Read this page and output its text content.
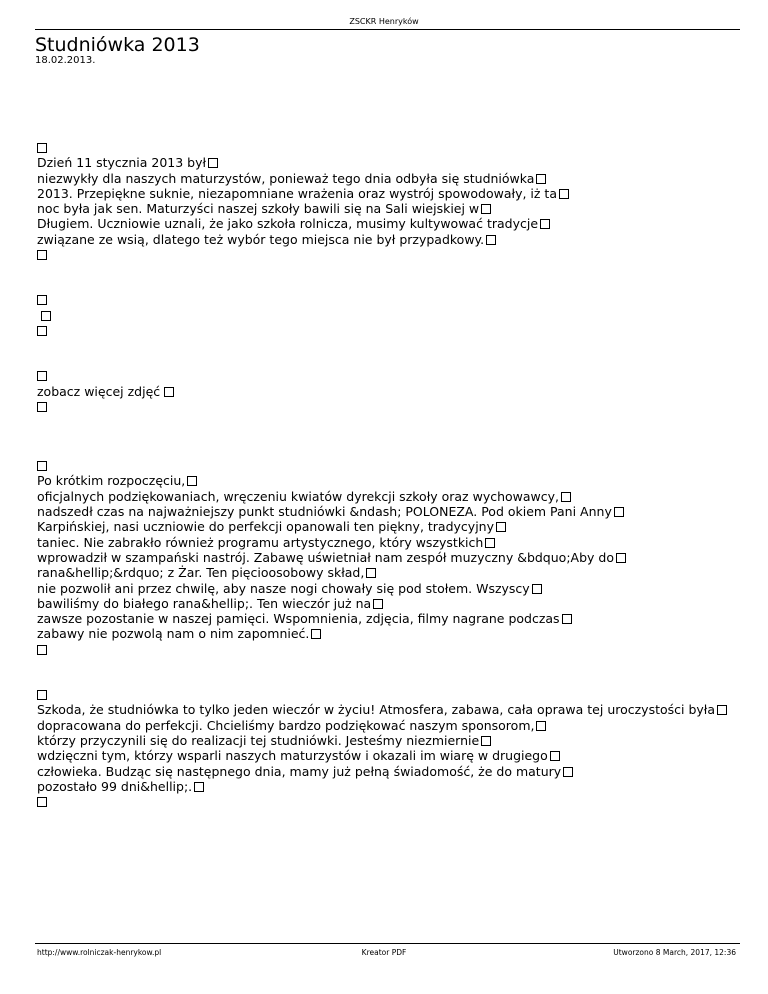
ZSCKR Henryków
Studniówka 2013
18.02.2013.
Dzień 11 stycznia 2013 był
niezwykły dla naszych maturzystów, ponieważ tego dnia odbyła się studniówka
2013. Przepiękne suknie, niezapomniane wrażenia oraz wystrój spowodowały, iż ta
noc była jak sen. Maturzyści naszej szkoły bawili się na Sali wiejskiej w
Długiem. Uczniowie uznali, że jako szkoła rolnicza, musimy kultywować tradycje
związane ze wsią, dlatego też wybór tego miejsca nie był przypadkowy.
zobacz więcej zdjęć
Po krótkim rozpoczęciu,
oficjalnych podziękowaniach, wręczeniu kwiatów dyrekcji szkoły oraz wychowawcy,
nadszedł czas na najważniejszy punkt studniówki &ndash; POLONEZA. Pod okiem Pani Anny
Karpińskiej, nasi uczniowie do perfekcji opanowali ten piękny, tradycyjny
taniec. Nie zabrakło również programu artystycznego, który wszystkich
wprowadził w szampański nastrój. Zabawę uświetniał nam zespół muzyczny &bdquo;Aby do
rana&hellip;&rdquo; z Żar. Ten pięcioosobowy skład,
nie pozwolił ani przez chwilę, aby nasze nogi chowały się pod stołem. Wszyscy
bawiliśmy do białego rana&hellip;. Ten wieczór już na
zawsze pozostanie w naszej pamięci. Wspomnienia, zdjęcia, filmy nagrane podczas
zabawy nie pozwolą nam o nim zapomnieć.
Szkoda, że studniówka to tylko jeden wieczór w życiu! Atmosfera, zabawa, cała oprawa tej uroczystości była
dopracowana do perfekcji. Chcieliśmy bardzo podziękować naszym sponsorom,
którzy przyczynili się do realizacji tej studniówki. Jesteśmy niezmiernie
wdzięczni tym, którzy wsparli naszych maturzystów i okazali im wiarę w drugiego
człowieka. Budząc się następnego dnia, mamy już pełną świadomość, że do matury
pozostało 99 dni&hellip;.
http://www.rolniczak-henrykow.pl	Kreator PDF	Utworzono 8 March, 2017, 12:36
